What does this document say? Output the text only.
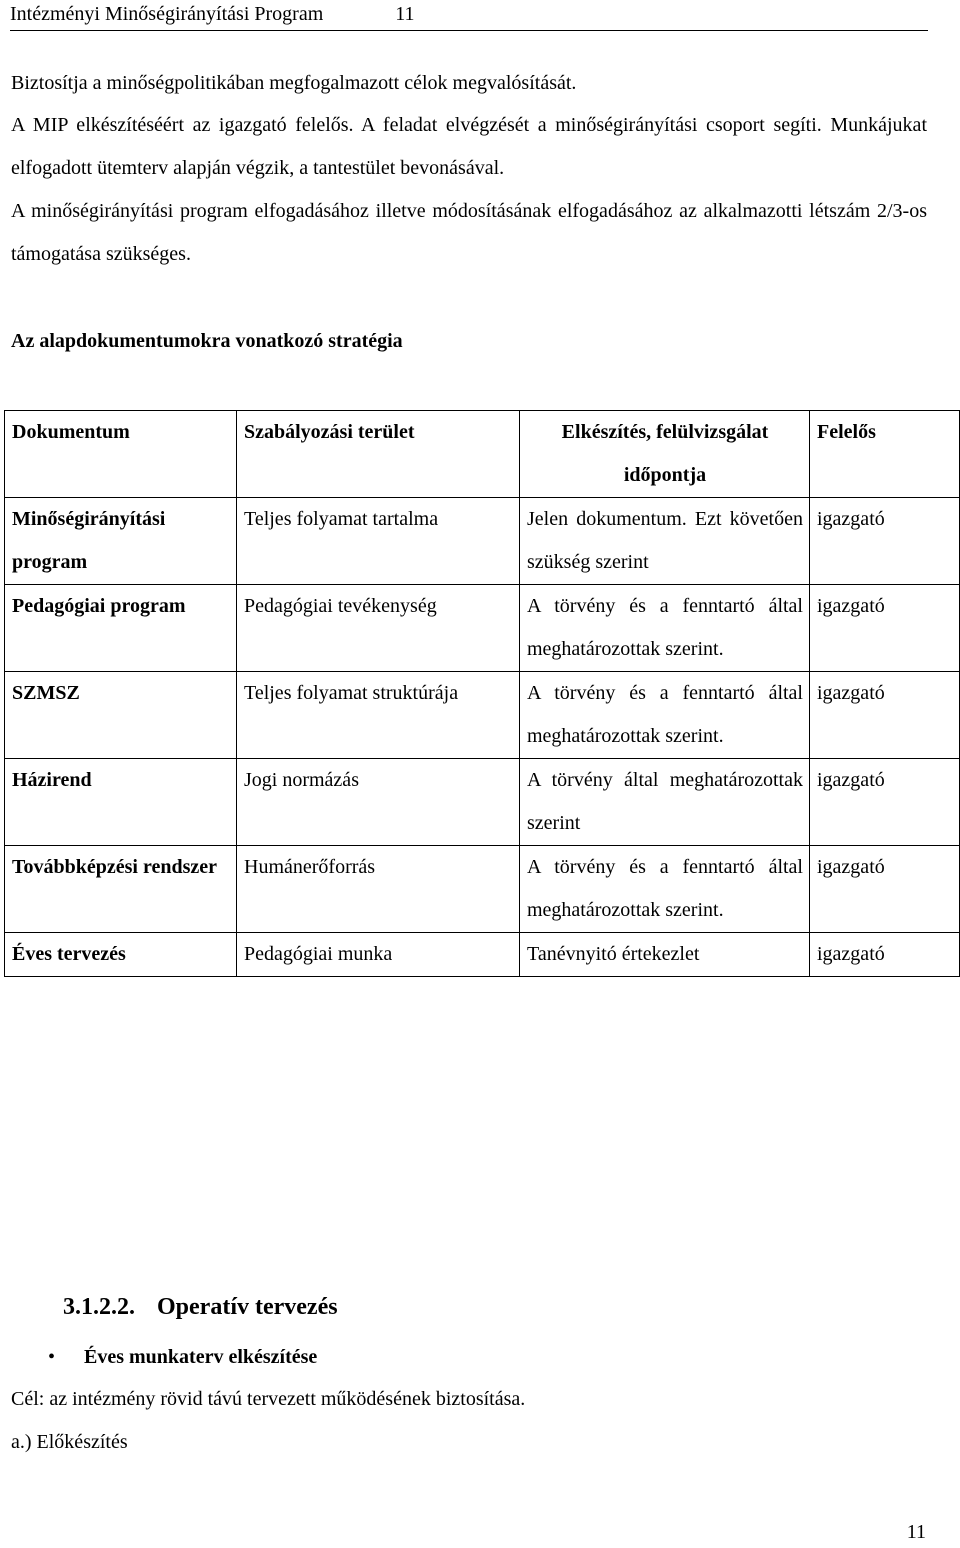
Intézményi Minőségirányítási Program	11

Biztosítja a minőségpolitikában megfogalmazott célok megvalósítását.

A MIP elkészítéséért az igazgató felelős. A feladat elvégzését a minőségirányítási csoport segíti. Munkájukat elfogadott ütemterv alapján végzik, a tantestület bevonásával.

A minőségirányítási program elfogadásához illetve módosításának elfogadásához az alkalmazotti létszám 2/3-os támogatása szükséges.

Az alapdokumentumokra vonatkozó stratégia
Dokumentum	Szabályozási terület	Elkészítés, felülvizsgálat időpontja	Felelős
Minőségirányítási program	Teljes folyamat tartalma	Jelen dokumentum. Ezt követően szükség szerint	igazgató
Pedagógiai program	Pedagógiai tevékenység	A törvény és a fenntartó által meghatározottak szerint.	igazgató
SZMSZ	Teljes folyamat struktúrája	A törvény és a fenntartó által meghatározottak szerint.	igazgató
Házirend	Jogi normázás	A törvény által meghatározottak szerint	igazgató
Továbbképzési rendszer	Humánerőforrás	A törvény és a fenntartó által meghatározottak szerint.	igazgató
Éves tervezés	Pedagógiai munka	Tanévnyitó értekezlet	igazgató
3.1.2.2. Operatív tervezés
• Éves munkaterv elkészítése
Cél: az intézmény rövid távú tervezett működésének biztosítása.
a.) Előkészítés
11
